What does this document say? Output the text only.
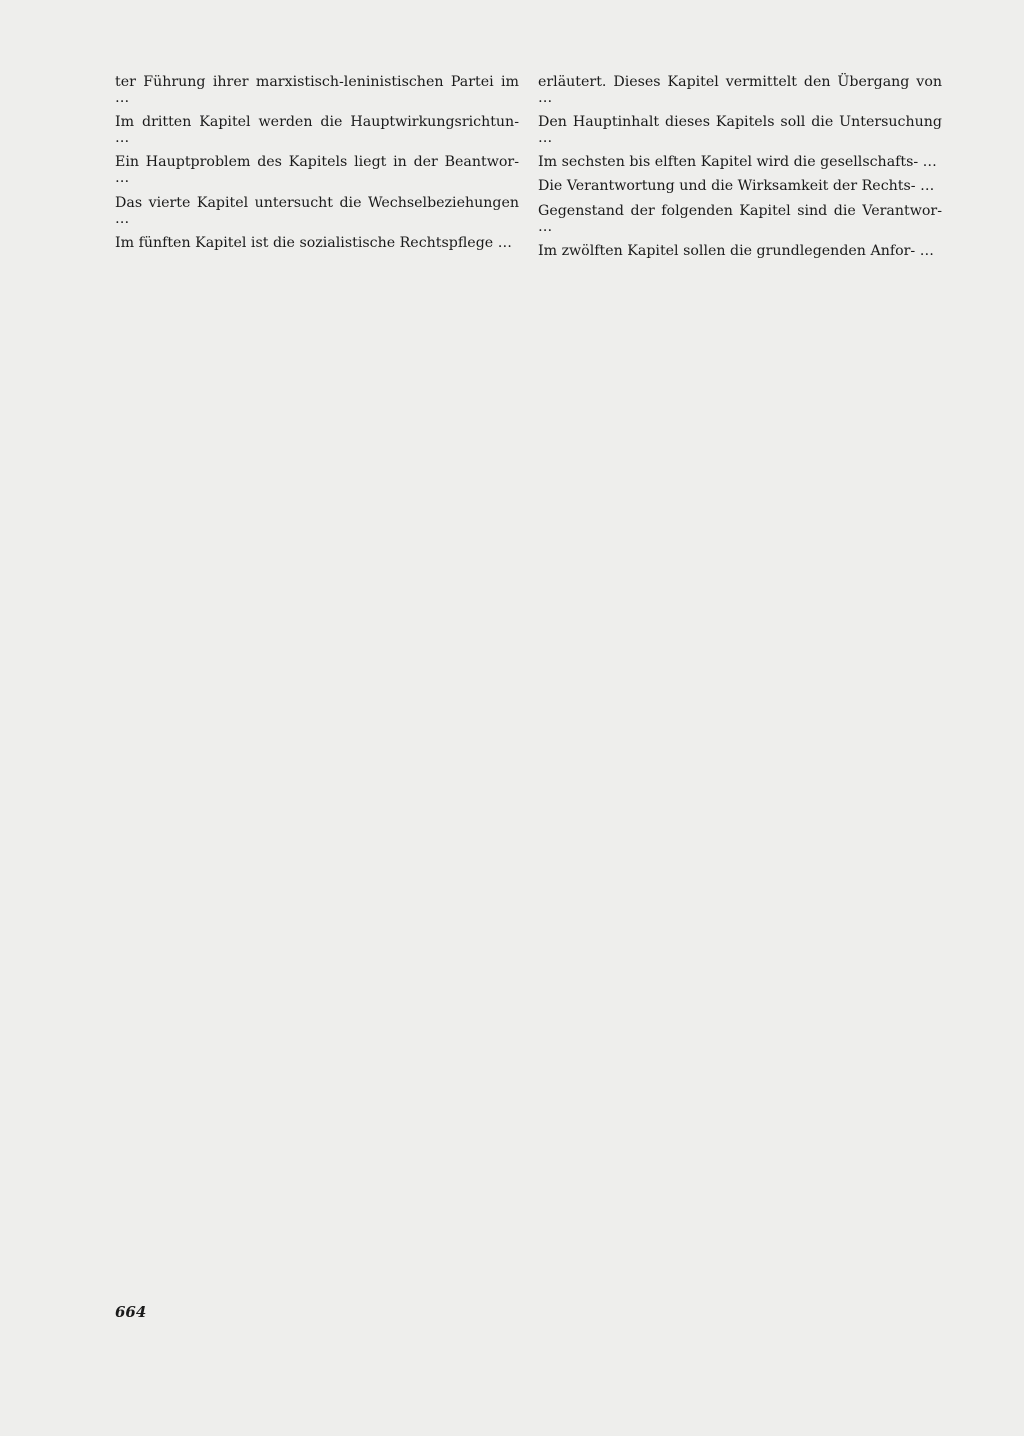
ter Führung ihrer marxistisch-leninistischen Partei im …

Im dritten Kapitel werden die Hauptwirkungsrichtun- …

Ein Hauptproblem des Kapitels liegt in der Beantwor- …

Das vierte Kapitel untersucht die Wechselbeziehungen …

Im fünften Kapitel ist die sozialistische Rechtspflege …

erläutert. Dieses Kapitel vermittelt den Übergang von …

Den Hauptinhalt dieses Kapitels soll die Untersuchung …

Im sechsten bis elften Kapitel wird die gesellschafts- …

Die Verantwortung und die Wirksamkeit der Rechts- …

Gegenstand der folgenden Kapitel sind die Verantwor- …

Im zwölften Kapitel sollen die grundlegenden Anfor- …

664
